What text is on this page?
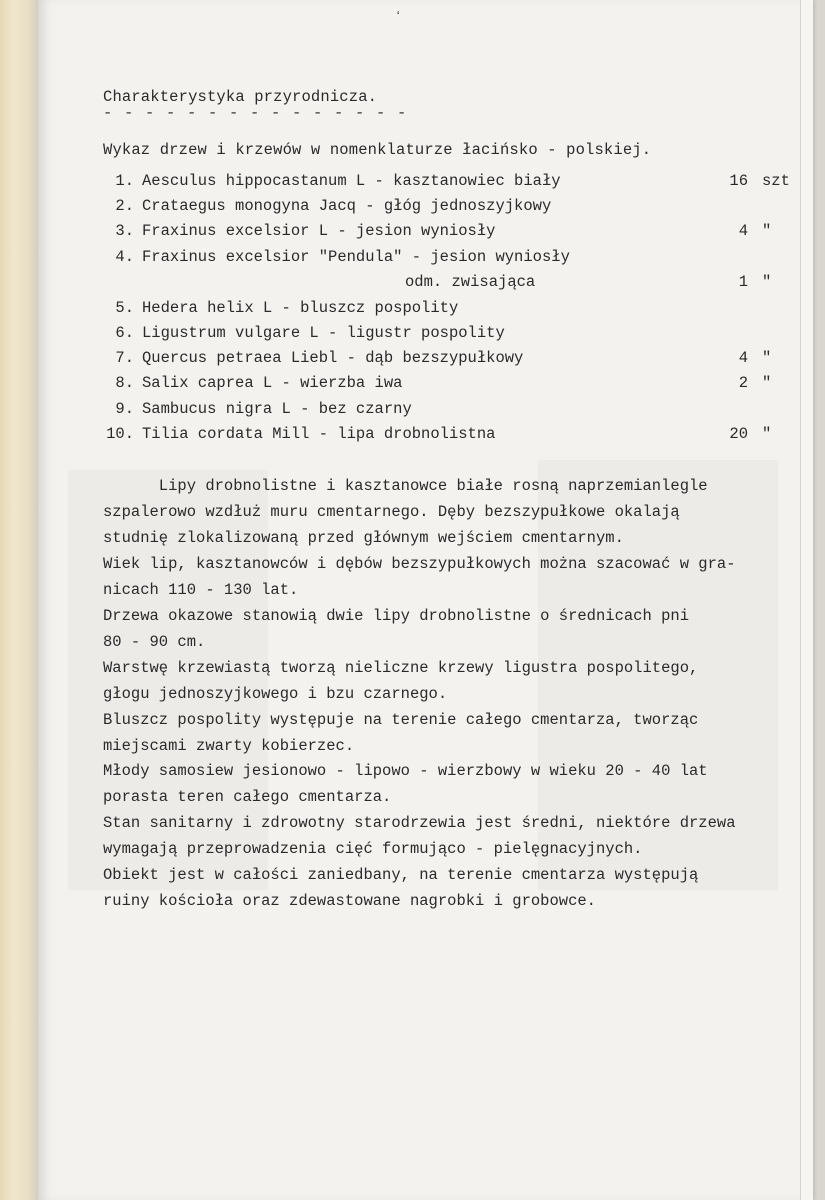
ʻ
Charakterystyka przyrodnicza.
- - - - - - - - - - - - - - -
Wykaz drzew i krzewów w nomenklaturze łacińsko - polskiej.
1. Aesculus hippocastanum L - kasztanowiec biały	16 szt
2. Crataegus monogyna Jacq - głóg jednoszyjkowy
3. Fraxinus excelsior L - jesion wyniosły	4 "
4. Fraxinus excelsior "Pendula" - jesion wyniosły
odm. zwisająca	1 "
5. Hedera helix L - bluszcz pospolity
6. Ligustrum vulgare L - ligustr pospolity
7. Quercus petraea Liebl - dąb bezszypułkowy	4 "
8. Salix caprea L - wierzba iwa	2 "
9. Sambucus nigra L - bez czarny
10. Tilia cordata Mill - lipa drobnolistna	20 "
Lipy drobnolistne i kasztanowce białe rosną naprzemianlegle
szpalerowo wzdłuż muru cmentarnego. Dęby bezszypułkowe okalają
studnię zlokalizowaną przed głównym wejściem cmentarnym.
Wiek lip, kasztanowców i dębów bezszypułkowych można szacować w gra-
nicach 110 - 130 lat.
Drzewa okazowe stanowią dwie lipy drobnolistne o średnicach pni
80 - 90 cm.
Warstwę krzewiastą tworzą nieliczne krzewy ligustra pospolitego,
głogu jednoszyjkowego i bzu czarnego.
Bluszcz pospolity występuje na terenie całego cmentarza, tworząc
miejscami zwarty kobierzec.
Młody samosiew jesionowo - lipowo - wierzbowy w wieku 20 - 40 lat
porasta teren całego cmentarza.
Stan sanitarny i zdrowotny starodrzewia jest średni, niektóre drzewa
wymagają przeprowadzenia cięć formująco - pielęgnacyjnych.
Obiekt jest w całości zaniedbany, na terenie cmentarza występują
ruiny kościoła oraz zdewastowane nagrobki i grobowce.
